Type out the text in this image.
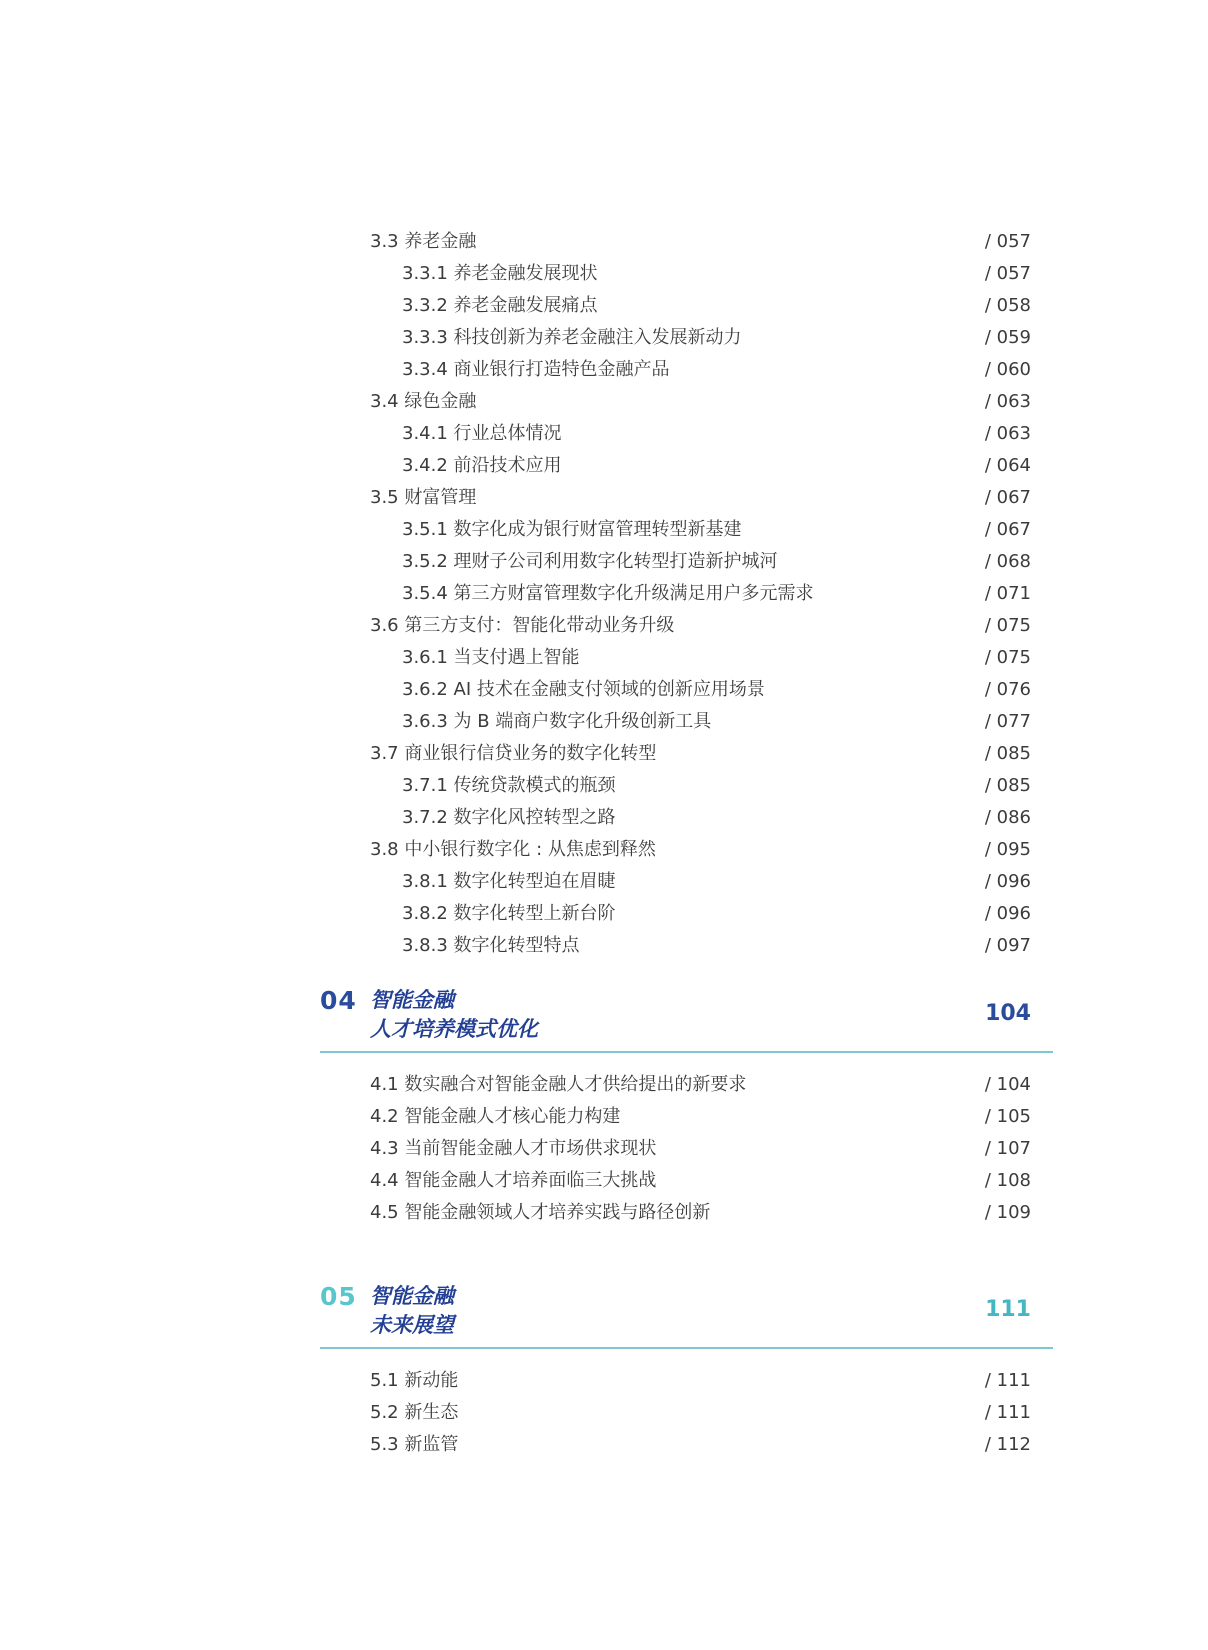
3.3 养老金融	/ 057
3.3.1 养老金融发展现状	/ 057
3.3.2 养老金融发展痛点	/ 058
3.3.3 科技创新为养老金融注入发展新动力	/ 059
3.3.4 商业银行打造特色金融产品	/ 060
3.4 绿色金融	/ 063
3.4.1 行业总体情况	/ 063
3.4.2 前沿技术应用	/ 064
3.5 财富管理	/ 067
3.5.1 数字化成为银行财富管理转型新基建	/ 067
3.5.2 理财子公司利用数字化转型打造新护城河	/ 068
3.5.4 第三方财富管理数字化升级满足用户多元需求	/ 071
3.6 第三方支付：智能化带动业务升级	/ 075
3.6.1 当支付遇上智能	/ 075
3.6.2 AI 技术在金融支付领域的创新应用场景	/ 076
3.6.3 为 B 端商户数字化升级创新工具	/ 077
3.7 商业银行信贷业务的数字化转型	/ 085
3.7.1 传统贷款模式的瓶颈	/ 085
3.7.2 数字化风控转型之路	/ 086
3.8 中小银行数字化 : 从焦虑到释然	/ 095
3.8.1 数字化转型迫在眉睫	/ 096
3.8.2 数字化转型上新台阶	/ 096
3.8.3 数字化转型特点	/ 097
04 智能金融
人才培养模式优化
104
4.1 数实融合对智能金融人才供给提出的新要求	/ 104
4.2 智能金融人才核心能力构建	/ 105
4.3 当前智能金融人才市场供求现状	/ 107
4.4 智能金融人才培养面临三大挑战	/ 108
4.5 智能金融领域人才培养实践与路径创新	/ 109
05 智能金融
未来展望
111
5.1 新动能	/ 111
5.2 新生态	/ 111
5.3 新监管	/ 112
